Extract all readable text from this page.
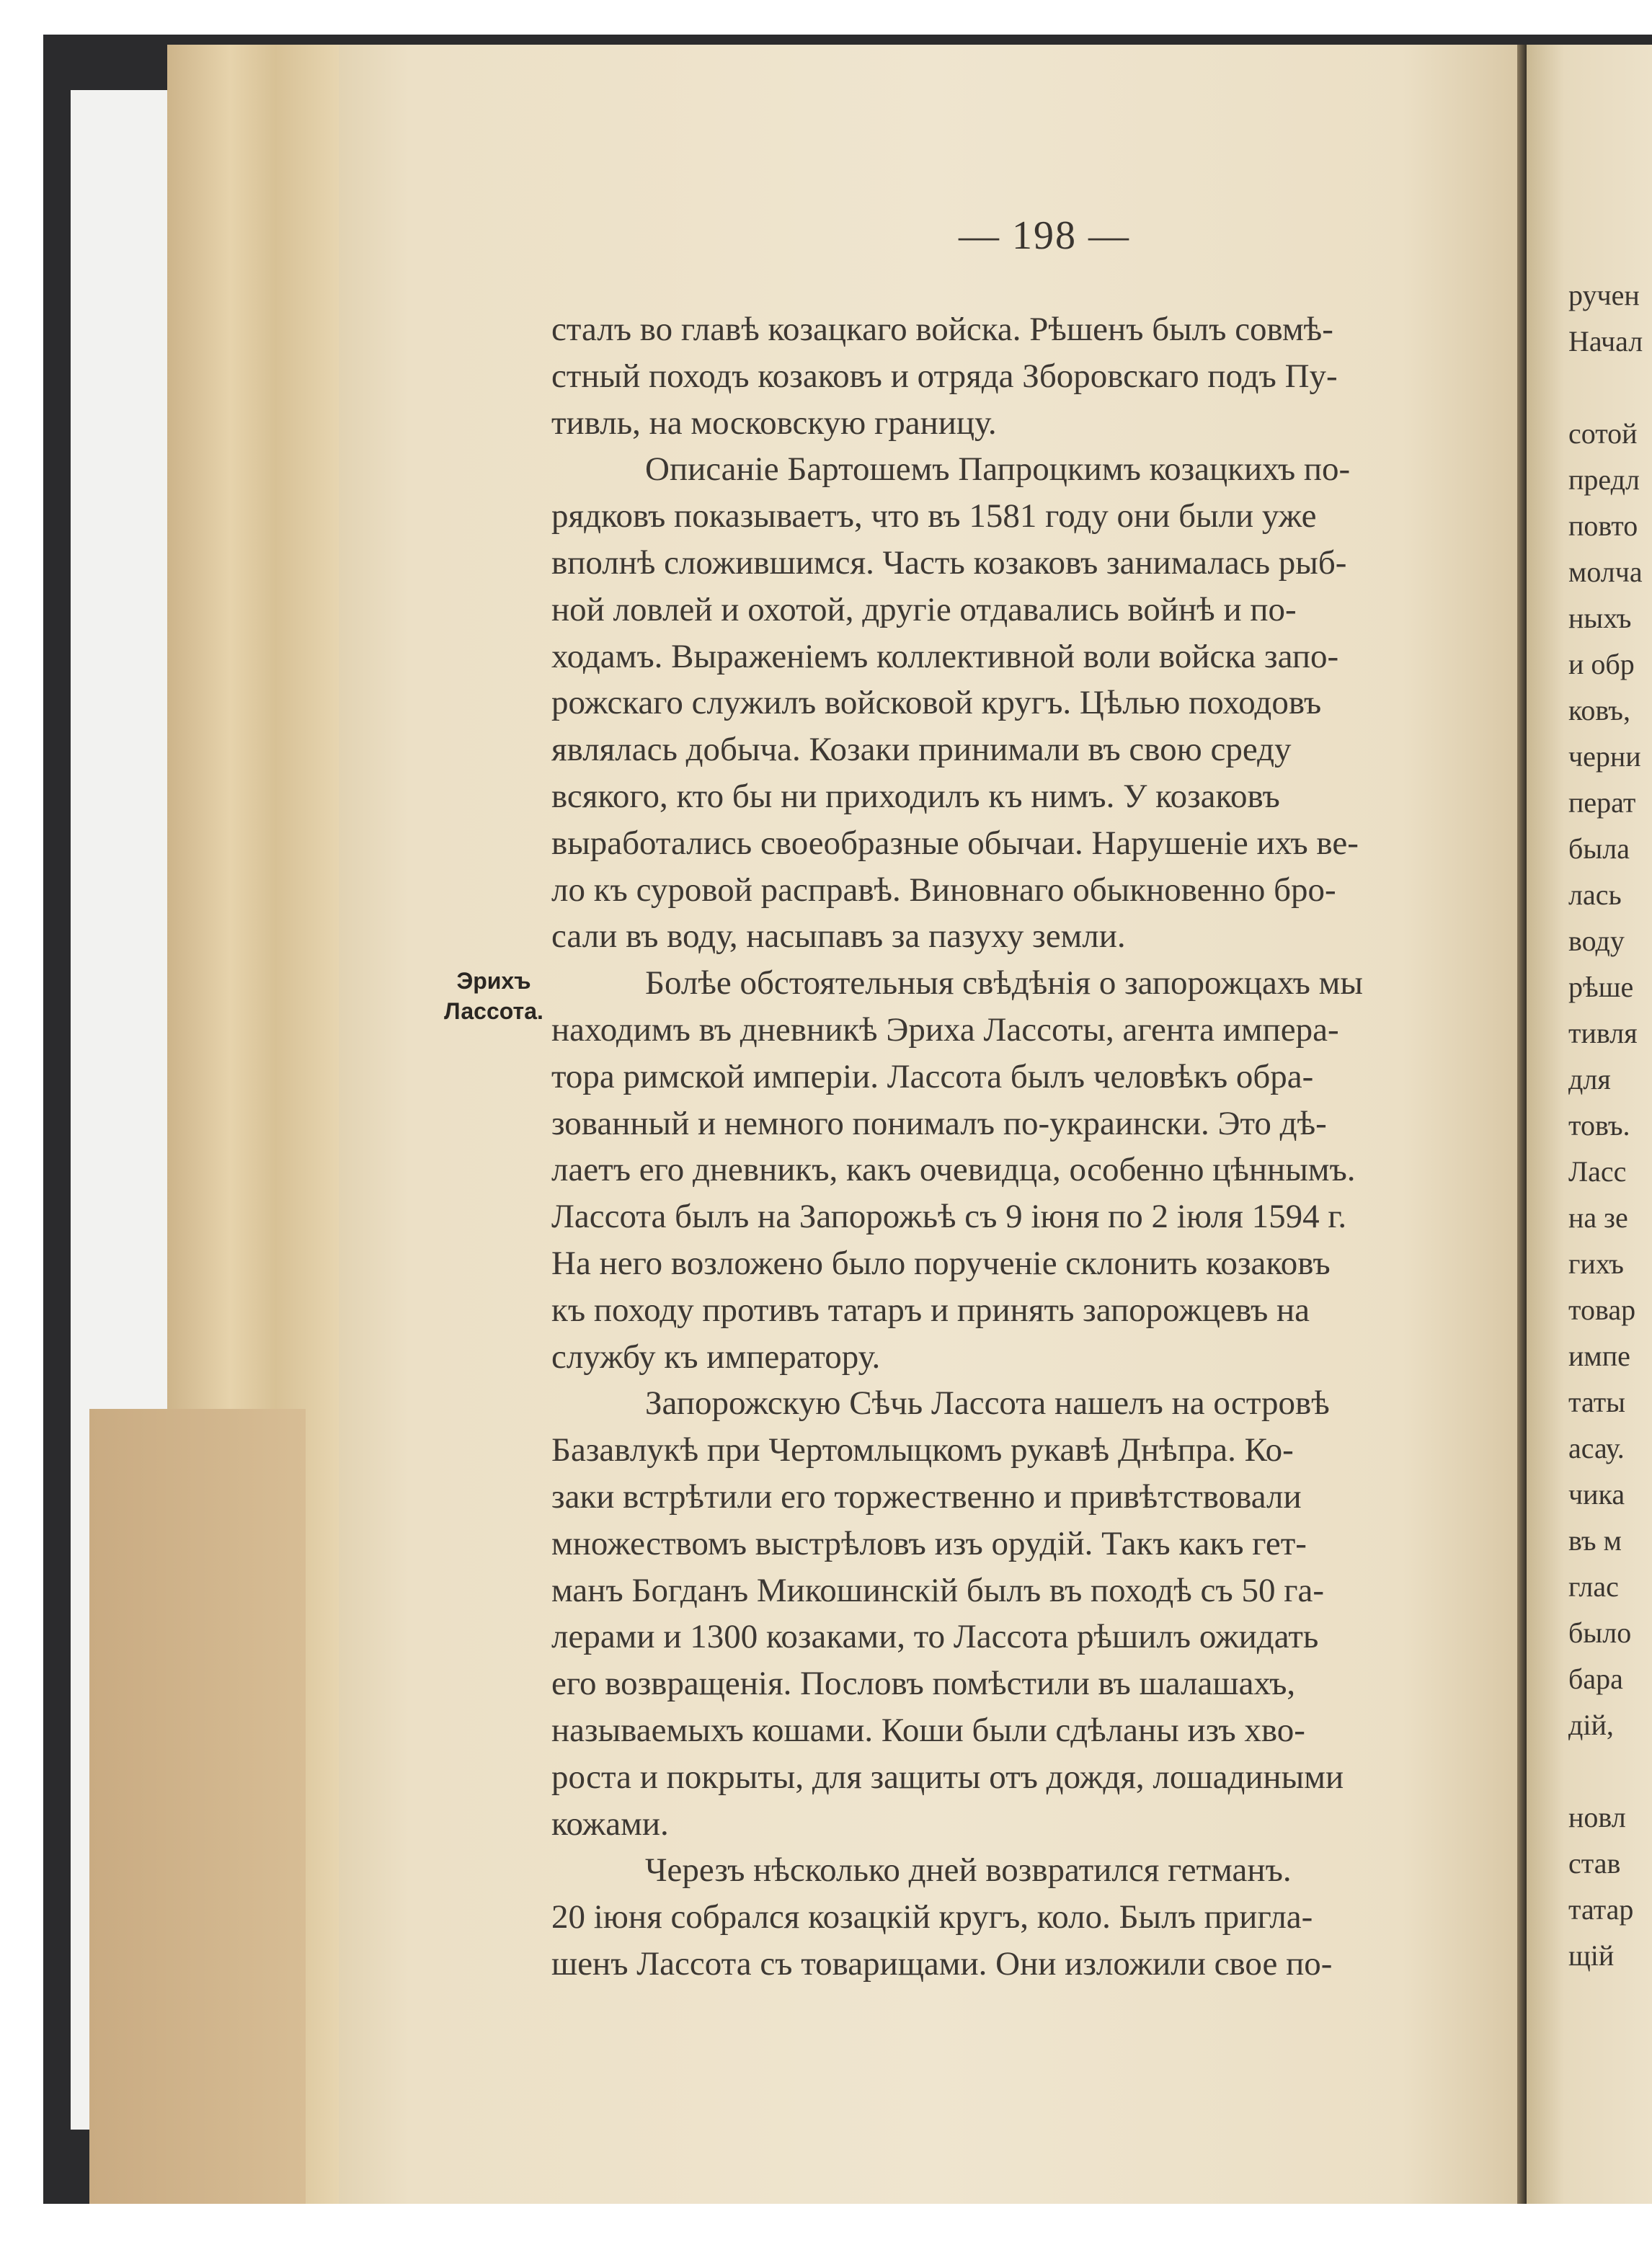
— 198 —
Эрихъ
Лассота.
сталъ во главѣ козацкаго войска. Рѣшенъ былъ совмѣ-
стный походъ козаковъ и отряда Зборовскаго подъ Пу-
тивль, на московскую границу.
Описанiе Бартошемъ Папроцкимъ козацкихъ по-
рядковъ показываетъ, что въ 1581 году они были уже
вполнѣ сложившимся. Часть козаковъ занималась рыб-
ной ловлей и охотой, другiе отдавались войнѣ и по-
ходамъ. Выраженiемъ коллективной воли войска запо-
рожскаго служилъ войсковой кругъ. Цѣлью походовъ
являлась добыча. Козаки принимали въ свою среду
всякого, кто бы ни приходилъ къ нимъ. У козаковъ
выработались своеобразные обычаи. Нарушенiе ихъ ве-
ло къ суровой расправѣ. Виновнаго обыкновенно бро-
сали въ воду, насыпавъ за пазуху земли.
Болѣе обстоятельныя свѣдѣнiя о запорожцахъ мы
находимъ въ дневникѣ Эриха Лассоты, агента импера-
тора римской имперiи. Лассота былъ человѣкъ обра-
зованный и немного понималъ по-украински. Это дѣ-
лаетъ его дневникъ, какъ очевидца, особенно цѣннымъ.
Лассота былъ на Запорожьѣ съ 9 iюня по 2 iюля 1594 г.
На него возложено было порученiе склонить козаковъ
къ походу противъ татаръ и принять запорожцевъ на
службу къ императору.
Запорожскую Сѣчь Лассота нашелъ на островѣ
Базавлукѣ при Чертомлыцкомъ рукавѣ Днѣпра. Ко-
заки встрѣтили его торжественно и привѣтствовали
множествомъ выстрѣловъ изъ орудiй. Такъ какъ гет-
манъ Богданъ Микошинскiй былъ въ походѣ съ 50 га-
лерами и 1300 козаками, то Лассота рѣшилъ ожидать
его возвращенiя. Пословъ помѣстили въ шалашахъ,
называемыхъ кошами. Коши были сдѣланы изъ хво-
роста и покрыты, для защиты отъ дождя, лошадиными
кожами.
Черезъ нѣсколько дней возвратился гетманъ.
20 iюня собрался козацкiй кругъ, коло. Былъ пригла-
шенъ Лассота съ товарищами. Они изложили свое по-
ручен
Начал
сотой
предл
повто
молча
ныхъ
и обр
ковъ,
черни
перат
была
лась
воду
рѣше
тивля
для
товъ.
Ласс
на зе
гихъ
товар
импе
таты
асау.
чика
въ м
глас
было
бара
дiй,
новл
став
татар
щiй
